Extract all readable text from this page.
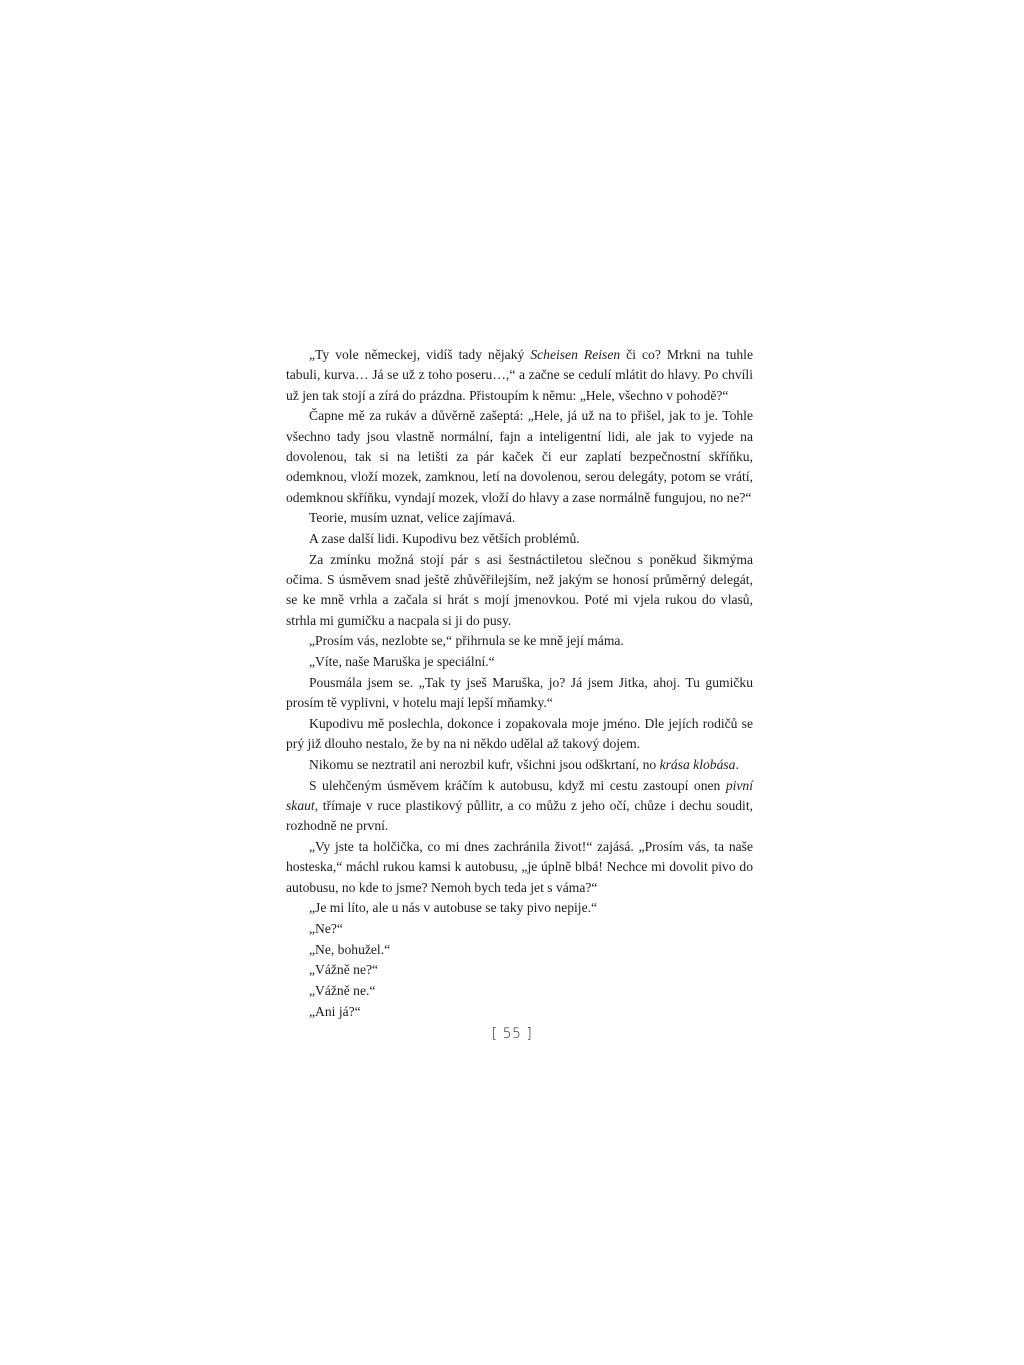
„Ty vole německej, vidíš tady nějaký Scheisen Reisen či co? Mrkni na tuhle tabuli, kurva… Já se už z toho poseru…,“ a začne se cedulí mlátit do hlavy. Po chvíli už jen tak stojí a zírá do prázdna. Přistoupím k němu: „Hele, všechno v pohodě?“

Čapne mě za rukáv a důvěrně zašeptá: „Hele, já už na to přišel, jak to je. Tohle všechno tady jsou vlastně normální, fajn a inteligentní lidi, ale jak to vyjede na dovolenou, tak si na letišti za pár kaček či eur zaplatí bezpečnostní skříňku, odemknou, vloží mozek, zamknou, letí na dovolenou, serou delegáty, potom se vrátí, odemknou skříňku, vyndají mozek, vloží do hlavy a zase normálně fungujou, no ne?“

Teorie, musím uznat, velice zajímavá.

A zase další lidi. Kupodivu bez větších problémů.

Za zmínku možná stojí pár s asi šestnáctiletou slečnou s poněkud šikmýma očima. S úsměvem snad ještě zhůvěřilejším, než jakým se honosí průměrný delegát, se ke mně vrhla a začala si hrát s mojí jmenovkou. Poté mi vjela rukou do vlasů, strhla mi gumičku a nacpala si ji do pusy.

„Prosím vás, nezlobte se,“ přihrnula se ke mně její máma.

„Víte, naše Maruška je speciální.“

Pousmála jsem se. „Tak ty jseš Maruška, jo? Já jsem Jitka, ahoj. Tu gumičku prosím tě vyplivni, v hotelu mají lepší mňamky.“

Kupodivu mě poslechla, dokonce i zopakovala moje jméno. Dle jejích rodičů se prý již dlouho nestalo, že by na ni někdo udělal až takový dojem.

Nikomu se neztratil ani nerozbil kufr, všichni jsou odškrtaní, no krása klobása.

S ulehčeným úsměvem kráčím k autobusu, když mi cestu zastoupí onen pivní skaut, třímaje v ruce plastikový půllitr, a co můžu z jeho očí, chůze i dechu soudit, rozhodně ne první.

„Vy jste ta holčička, co mi dnes zachránila život!“ zajásá. „Prosím vás, ta naše hosteska,“ máchl rukou kamsi k autobusu, „je úplně blbá! Nechce mi dovolit pivo do autobusu, no kde to jsme? Nemoh bych teda jet s váma?“

„Je mi líto, ale u nás v autobuse se taky pivo nepije.“

„Ne?“

„Ne, bohužel.“

„Vážně ne?“

„Vážně ne.“

„Ani já?“

[ 55 ]
